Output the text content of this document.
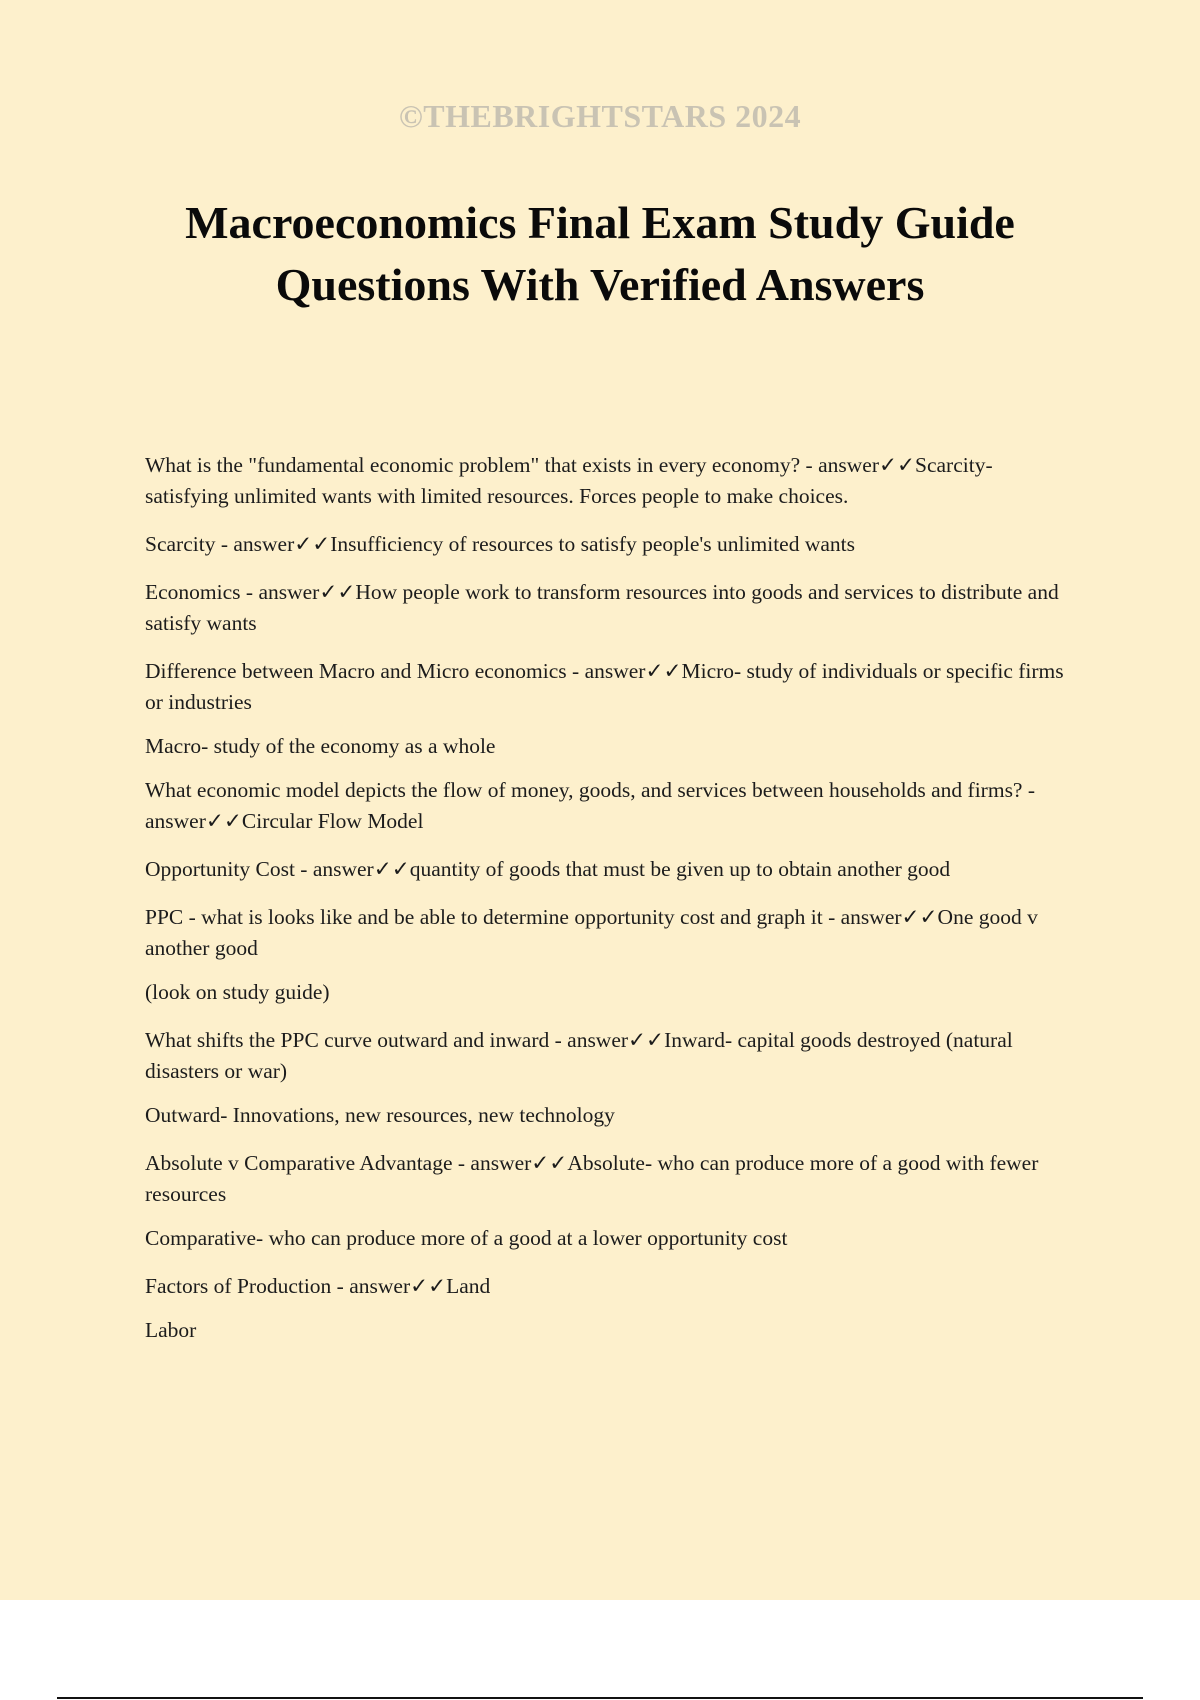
©THEBRIGHTSTARS 2024
Macroeconomics Final Exam Study Guide
Questions With Verified Answers
What is the "fundamental economic problem" that exists in every economy? - answer✓✓Scarcity- satisfying unlimited wants with limited resources. Forces people to make choices.
Scarcity - answer✓✓Insufficiency of resources to satisfy people's unlimited wants
Economics - answer✓✓How people work to transform resources into goods and services to distribute and satisfy wants
Difference between Macro and Micro economics - answer✓✓Micro- study of individuals or specific firms or industries
Macro- study of the economy as a whole
What economic model depicts the flow of money, goods, and services between households and firms? - answer✓✓Circular Flow Model
Opportunity Cost - answer✓✓quantity of goods that must be given up to obtain another good
PPC - what is looks like and be able to determine opportunity cost and graph it - answer✓✓One good v another good
(look on study guide)
What shifts the PPC curve outward and inward - answer✓✓Inward- capital goods destroyed (natural disasters or war)
Outward- Innovations, new resources, new technology
Absolute v Comparative Advantage - answer✓✓Absolute- who can produce more of a good with fewer resources
Comparative- who can produce more of a good at a lower opportunity cost
Factors of Production - answer✓✓Land
Labor
